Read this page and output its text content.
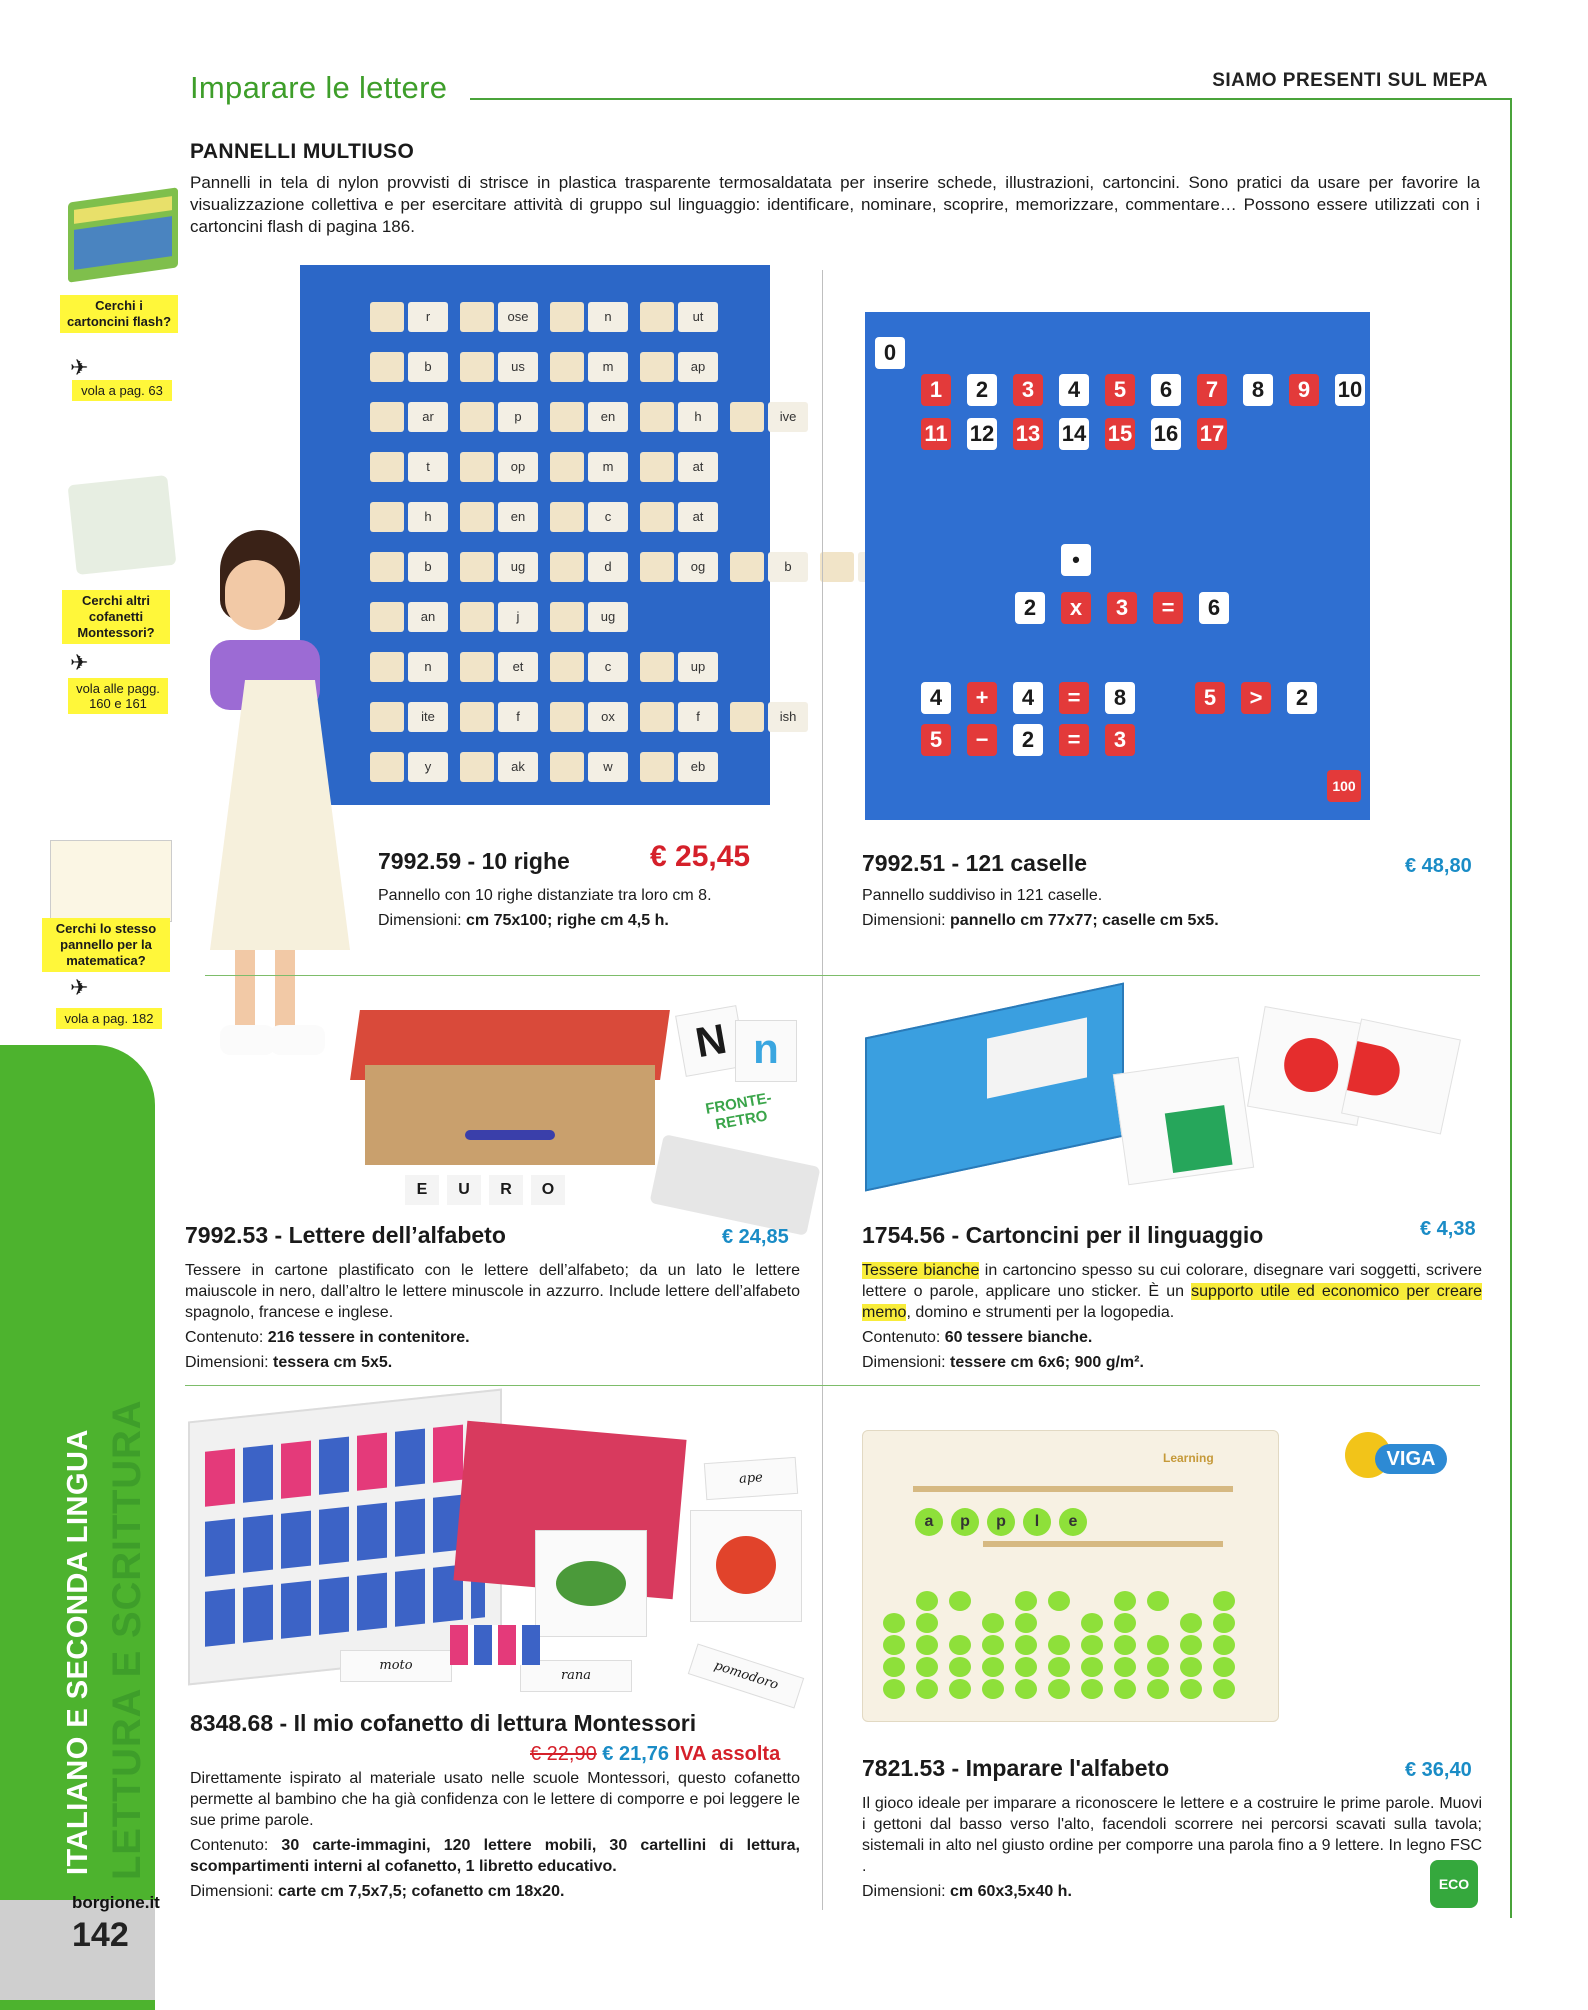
ITALIANO E SECONDA LINGUA LETTURA E SCRITTURA
borgione.it
142
Imparare le lettere	SIAMO PRESENTI SUL MEPA
PANNELLI MULTIUSO
Pannelli in tela di nylon provvisti di strisce in plastica trasparente termosaldatata per inserire schede, illustrazioni, cartoncini. Sono pratici da usare per favorire la visualizzazione collettiva e per esercitare attività di gruppo sul linguaggio: identificare, nominare, scoprire, memorizzare, commentare… Possono essere utilizzati con i cartoncini flash di pagina 186.
Cerchi i cartoncini flash?
vola a pag. 63
✈
Cerchi altri cofanetti Montessori?
vola alle pagg. 160 e 161
✈
Cerchi lo stesso pannello per la matematica?
vola a pag. 182
✈
r	ose	n	ut
b	us	m	ap
ar	p	en	h	ive
t	op	m	at
h	en	c	at
b	ug	d	og	b
an	j	ug
n	et	c	up
ite	f	ox	f	ish
y	ak	w	eb
7992.59 - 10 righe	€ 25,45
Pannello con 10 righe distanziate tra loro cm 8.
Dimensioni: cm 75x100; righe cm 4,5 h.
0
1	2	3	4	5	6	7	8	9	10
11 12 13 14 15 16 17
•
2	x	3	=	6
4	+	4	=	8	5	>	2
5	−	2	=	3
100
7992.51 - 121 caselle	€ 48,80
Pannello suddiviso in 121 caselle.
Dimensioni: pannello cm 77x77; caselle cm 5x5.
E U R O
N n
FRONTE-RETRO
7992.53 - Lettere dell’alfabeto	€ 24,85
Tessere in cartone plastificato con le lettere dell’alfabeto; da un lato le lettere maiuscole in nero, dall’altro le lettere minuscole in azzurro. Include lettere dell’alfabeto spagnolo, francese e inglese.
Contenuto: 216 tessere in contenitore.
Dimensioni: tessera cm 5x5.
1754.56 - Cartoncini per il linguaggio	€ 4,38
Tessere bianche in cartoncino spesso su cui colorare, disegnare vari soggetti, scrivere lettere o parole, applicare uno sticker. È un supporto utile ed economico per creare memo, domino e strumenti per la logopedia.
Contenuto: 60 tessere bianche.
Dimensioni: tessere cm 6x6; 900 g/m².
ape
moto
rana	pomodoro
8348.68 - Il mio cofanetto di lettura Montessori
€ 22,90 € 21,76 IVA assolta
Direttamente ispirato al materiale usato nelle scuole Montessori, questo cofanetto permette al bambino che ha già confidenza con le lettere di comporre e poi leggere le sue prime parole.
Contenuto: 30 carte-immagini, 120 lettere mobili, 30 cartellini di lettura, scompartimenti interni al cofanetto, 1 libretto educativo.
Dimensioni: carte cm 7,5x7,5; cofanetto cm 18x20.
Learning
a	p	p	l	e
VIGA
7821.53 - Imparare l'alfabeto	€ 36,40
Il gioco ideale per imparare a riconoscere le lettere e a costruire le prime parole. Muovi i gettoni dal basso verso l'alto, facendoli scorrere nei percorsi scavati sulla tavola; sistemali in alto nel giusto ordine per comporre una parola fino a 9 lettere. In legno FSC .
Dimensioni: cm 60x3,5x40 h.	ECO
